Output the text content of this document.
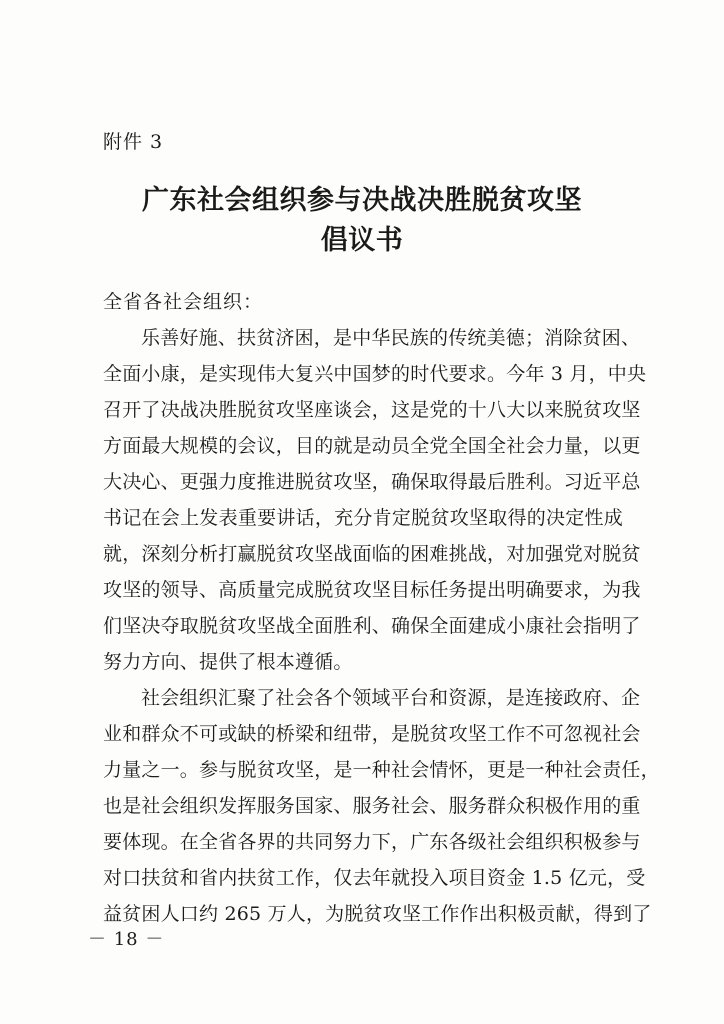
附件 3
广东社会组织参与决战决胜脱贫攻坚
倡议书
全省各社会组织：
乐善好施、扶贫济困，是中华民族的传统美德；消除贫困、
全面小康，是实现伟大复兴中国梦的时代要求。今年 3 月，中央
召开了决战决胜脱贫攻坚座谈会，这是党的十八大以来脱贫攻坚
方面最大规模的会议，目的就是动员全党全国全社会力量，以更
大决心、更强力度推进脱贫攻坚，确保取得最后胜利。习近平总
书记在会上发表重要讲话，充分肯定脱贫攻坚取得的决定性成
就，深刻分析打赢脱贫攻坚战面临的困难挑战，对加强党对脱贫
攻坚的领导、高质量完成脱贫攻坚目标任务提出明确要求，为我
们坚决夺取脱贫攻坚战全面胜利、确保全面建成小康社会指明了
努力方向、提供了根本遵循。
社会组织汇聚了社会各个领域平台和资源，是连接政府、企
业和群众不可或缺的桥梁和纽带，是脱贫攻坚工作不可忽视社会
力量之一。参与脱贫攻坚，是一种社会情怀，更是一种社会责任，
也是社会组织发挥服务国家、服务社会、服务群众积极作用的重
要体现。在全省各界的共同努力下，广东各级社会组织积极参与
对口扶贫和省内扶贫工作，仅去年就投入项目资金 1.5 亿元，受
益贫困人口约 265 万人，为脱贫攻坚工作作出积极贡献，得到了
－ 18 －
